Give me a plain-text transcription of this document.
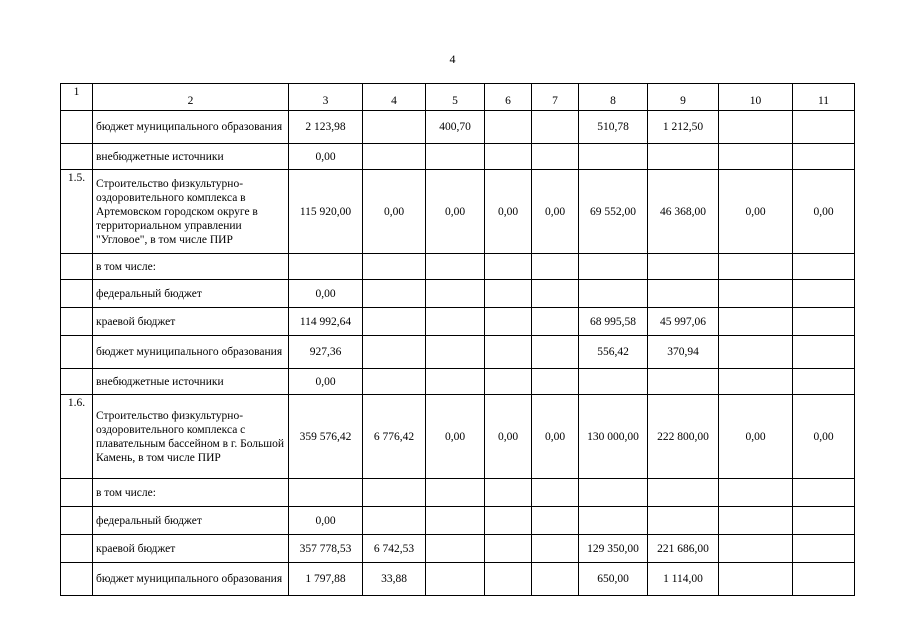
4
1	2	3	4	5	6	7	8	9	10	11
	бюджет муниципального образования	2 123,98		400,70			510,78	1 212,50		
	внебюджетные источники	0,00								
1.5.	Строительство физкультурно-оздоровительного комплекса в Артемовском городском округе в территориальном управлении "Угловое", в том числе ПИР	115 920,00	0,00	0,00	0,00	0,00	69 552,00	46 368,00	0,00	0,00
	в том числе:									
	федеральный бюджет	0,00								
	краевой бюджет	114 992,64					68 995,58	45 997,06		
	бюджет муниципального образования	927,36					556,42	370,94		
	внебюджетные источники	0,00								
1.6.	Строительство физкультурно-оздоровительного комплекса с плавательным бассейном в г. Большой Камень, в том числе ПИР	359 576,42	6 776,42	0,00	0,00	0,00	130 000,00	222 800,00	0,00	0,00
	в том числе:									
	федеральный бюджет	0,00								
	краевой бюджет	357 778,53	6 742,53				129 350,00	221 686,00		
	бюджет муниципального образования	1 797,88	33,88				650,00	1 114,00		
